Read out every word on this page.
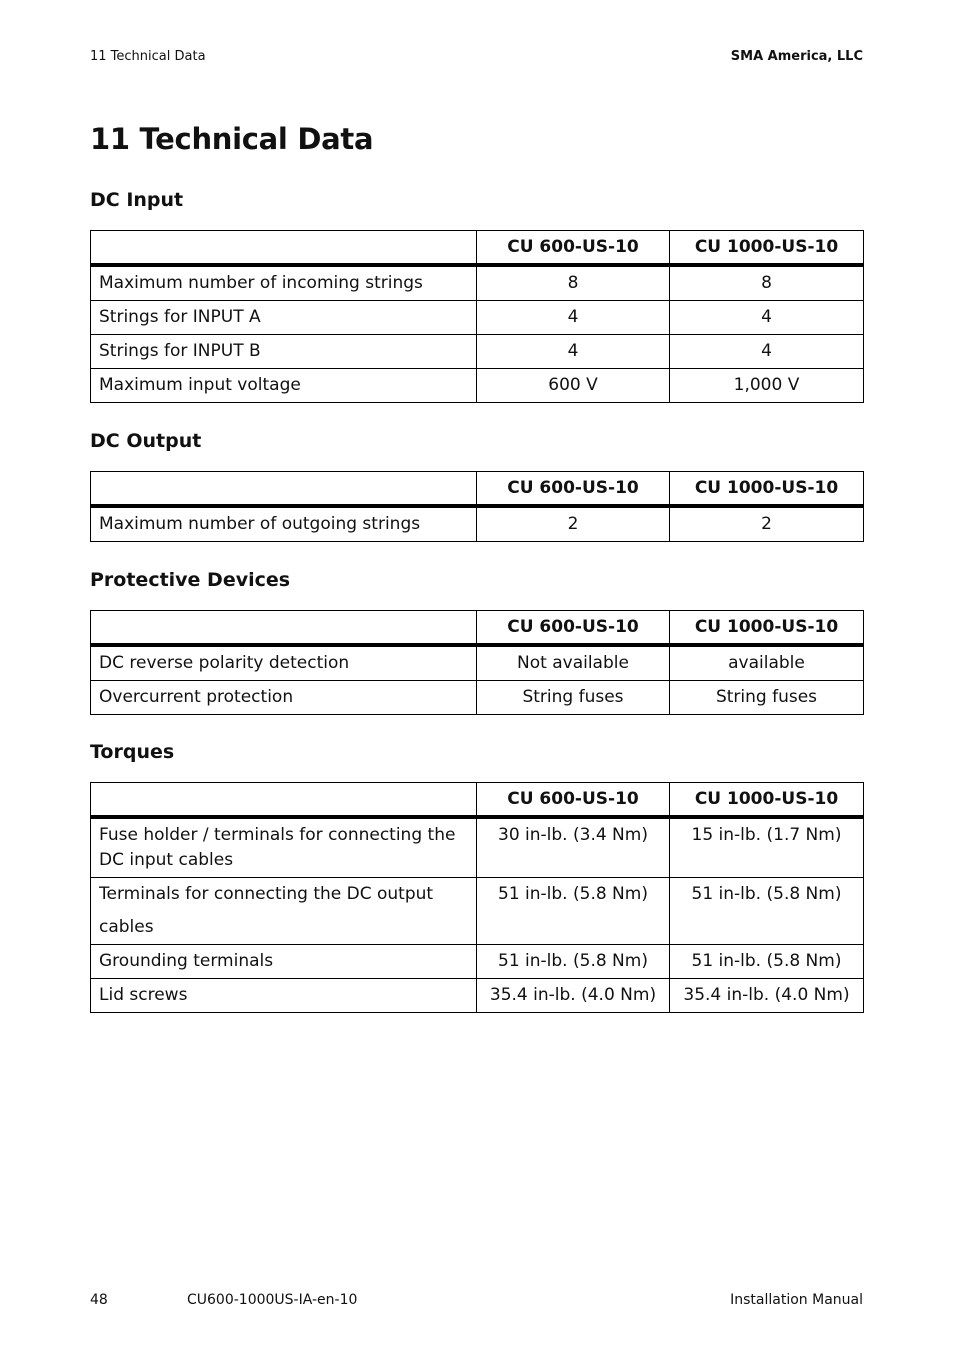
11 Technical Data	SMA America, LLC
11 Technical Data
DC Input
	CU 600-US-10	CU 1000-US-10
Maximum number of incoming strings	8	8
Strings for INPUT A	4	4
Strings for INPUT B	4	4
Maximum input voltage	600 V	1,000 V
DC Output
	CU 600-US-10	CU 1000-US-10
Maximum number of outgoing strings	2	2
Protective Devices
	CU 600-US-10	CU 1000-US-10
DC reverse polarity detection	Not available	available
Overcurrent protection	String fuses	String fuses
Torques
	CU 600-US-10	CU 1000-US-10
Fuse holder / terminals for connecting the DC input cables	30 in-lb. (3.4 Nm)	15 in-lb. (1.7 Nm)
Terminals for connecting the DC output cables	51 in-lb. (5.8 Nm)	51 in-lb. (5.8 Nm)
Grounding terminals	51 in-lb. (5.8 Nm)	51 in-lb. (5.8 Nm)
Lid screws	35.4 in-lb. (4.0 Nm)	35.4 in-lb. (4.0 Nm)
48	CU600-1000US-IA-en-10	Installation Manual
